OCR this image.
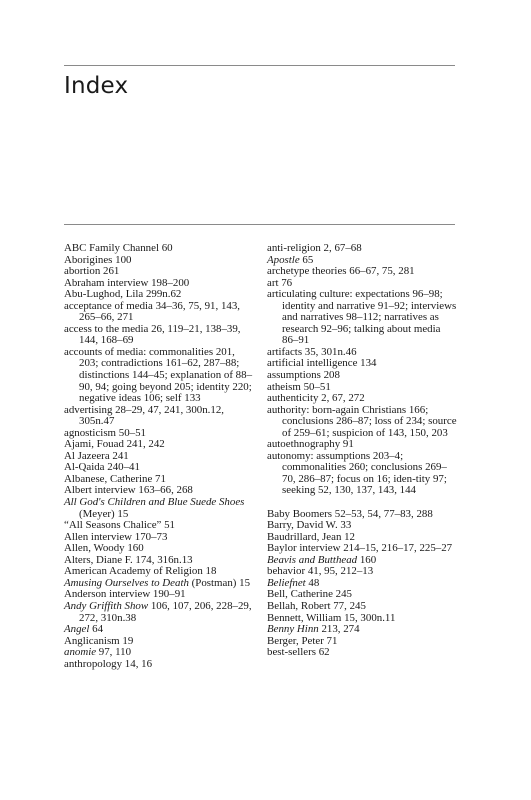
Index

ABC Family Channel 60

Aborigines 100

abortion 261

Abraham interview 198–200

Abu-Lughod, Lila 299n.62

acceptance of media 34–36, 75, 91, 143, 265–66, 271

access to the media 26, 119–21, 138–39, 144, 168–69

accounts of media: commonalities 201, 203; contradictions 161–62, 287–88; distinctions 144–45; explanation of 88–90, 94; going beyond 205; identity 220; negative ideas 106; self 133

advertising 28–29, 47, 241, 300n.12, 305n.47

agnosticism 50–51

Ajami, Fouad 241, 242

Al Jazeera 241

Al-Qaida 240–41

Albanese, Catherine 71

Albert interview 163–66, 268

All God's Children and Blue Suede Shoes (Meyer) 15

“All Seasons Chalice” 51

Allen interview 170–73

Allen, Woody 160

Alters, Diane F. 174, 316n.13

American Academy of Religion 18

Amusing Ourselves to Death (Postman) 15

Anderson interview 190–91

Andy Griffith Show 106, 107, 206, 228–29, 272, 310n.38

Angel 64

Anglicanism 19

anomie 97, 110

anthropology 14, 16

anti-religion 2, 67–68

Apostle 65

archetype theories 66–67, 75, 281

art 76

articulating culture: expectations 96–98; identity and narrative 91–92; interviews and narratives 98–112; narratives as research 92–96; talking about media 86–91

artifacts 35, 301n.46

artificial intelligence 134

assumptions 208

atheism 50–51

authenticity 2, 67, 272

authority: born-again Christians 166; conclusions 286–87; loss of 234; source of 259–61; suspicion of 143, 150, 203

autoethnography 91

autonomy: assumptions 203–4; commonalities 260; conclusions 269–70, 286–87; focus on 16; iden-tity 97; seeking 52, 130, 137, 143, 144

Baby Boomers 52–53, 54, 77–83, 288

Barry, David W. 33

Baudrillard, Jean 12

Baylor interview 214–15, 216–17, 225–27

Beavis and Butthead 160

behavior 41, 95, 212–13

Beliefnet 48

Bell, Catherine 245

Bellah, Robert 77, 245

Bennett, William 15, 300n.11

Benny Hinn 213, 274

Berger, Peter 71

best-sellers 62
